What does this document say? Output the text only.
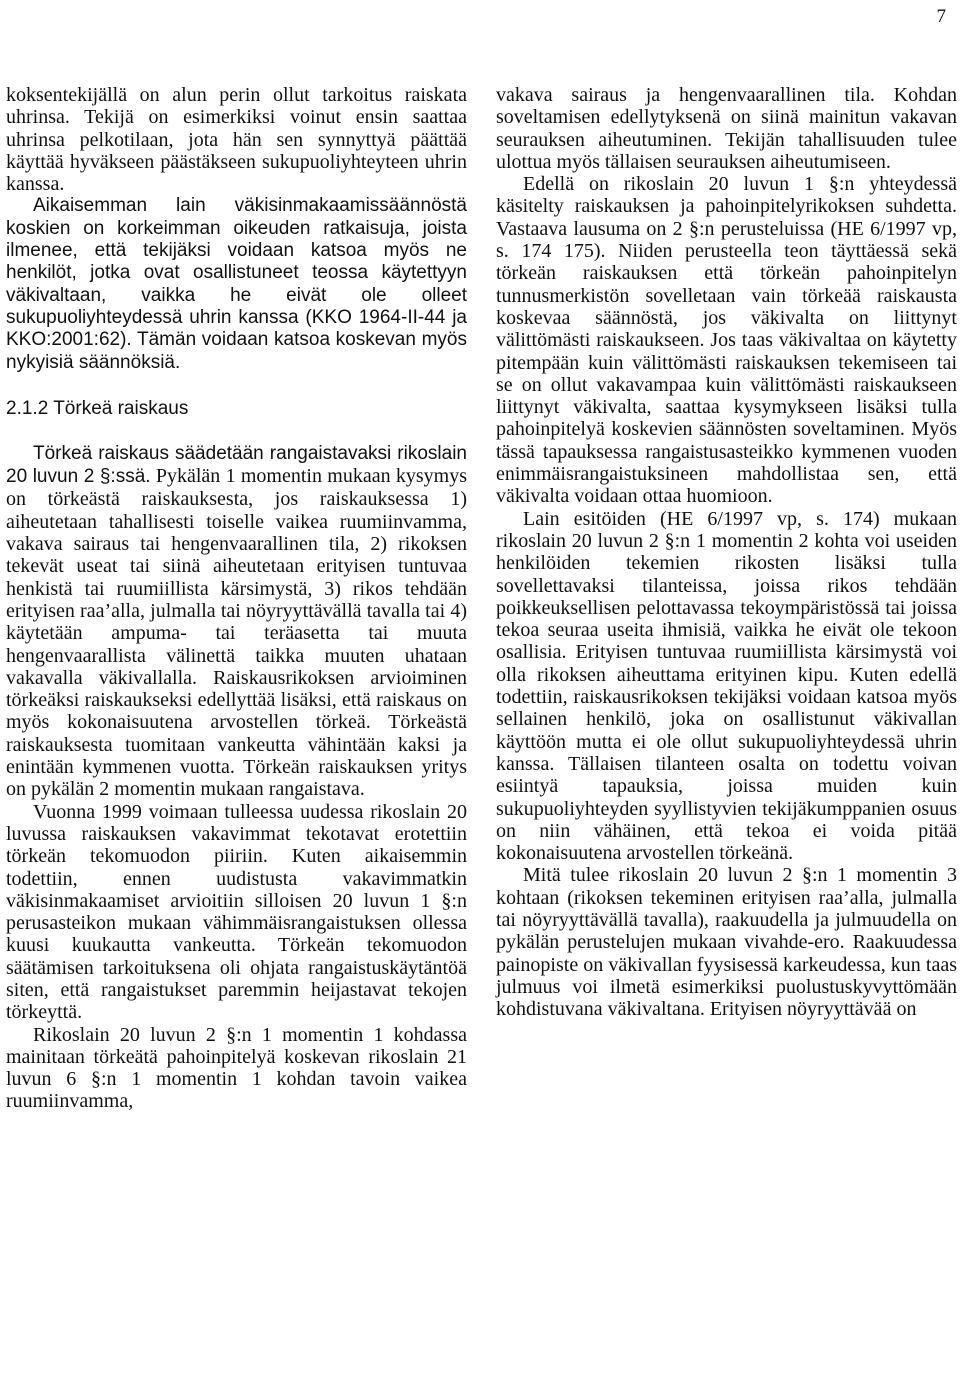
7

koksentekijällä on alun perin ollut tarkoitus raiskata uhrinsa. Tekijä on esimerkiksi voinut ensin saattaa uhrinsa pelkotilaan, jota hän sen synnyttyä päättää käyttää hyväkseen päästäkseen sukupuoliyhteyteen uhrin kanssa.

Aikaisemman lain väkisinmakaamissäännöstä koskien on korkeimman oikeuden ratkaisuja, joista ilmenee, että tekijäksi voidaan katsoa myös ne henkilöt, jotka ovat osallistuneet teossa käytettyyn väkivaltaan, vaikka he eivät ole olleet sukupuoliyhteydessä uhrin kanssa (KKO 1964-II-44 ja KKO:2001:62). Tämän voidaan katsoa koskevan myös nykyisiä säännöksiä.

2.1.2 Törkeä raiskaus

Törkeä raiskaus säädetään rangaistavaksi rikoslain 20 luvun 2 §:ssä. Pykälän 1 momentin mukaan kysymys on törkeästä raiskauksesta, jos raiskauksessa 1) aiheutetaan tahallisesti toiselle vaikea ruumiinvamma, vakava sairaus tai hengenvaarallinen tila, 2) rikoksen tekevät useat tai siinä aiheutetaan erityisen tuntuvaa henkistä tai ruumiillista kärsimystä, 3) rikos tehdään erityisen raa’alla, julmalla tai nöyryyttävällä tavalla tai 4) käytetään ampuma- tai teräasetta tai muuta hengenvaarallista välinettä taikka muuten uhataan vakavalla väkivallalla. Raiskausrikoksen arvioiminen törkeäksi raiskaukseksi edellyttää lisäksi, että raiskaus on myös kokonaisuutena arvostellen törkeä. Törkeästä raiskauksesta tuomitaan vankeutta vähintään kaksi ja enintään kymmenen vuotta. Törkeän raiskauksen yritys on pykälän 2 momentin mukaan rangaistava.

Vuonna 1999 voimaan tulleessa uudessa rikoslain 20 luvussa raiskauksen vakavimmat tekotavat erotettiin törkeän tekomuodon piiriin. Kuten aikaisemmin todettiin, ennen uudistusta vakavimmatkin väkisinmakaamiset arvioitiin silloisen 20 luvun 1 §:n perusasteikon mukaan vähimmäisrangaistuksen ollessa kuusi kuukautta vankeutta. Törkeän tekomuodon säätämisen tarkoituksena oli ohjata rangaistuskäytäntöä siten, että rangaistukset paremmin heijastavat tekojen törkeyttä.

Rikoslain 20 luvun 2 §:n 1 momentin 1 kohdassa mainitaan törkeätä pahoinpitelyä koskevan rikoslain 21 luvun 6 §:n 1 momentin 1 kohdan tavoin vaikea ruumiinvamma,

vakava sairaus ja hengenvaarallinen tila. Kohdan soveltamisen edellytyksenä on siinä mainitun vakavan seurauksen aiheutuminen. Tekijän tahallisuuden tulee ulottua myös tällaisen seurauksen aiheutumiseen.

Edellä on rikoslain 20 luvun 1 §:n yhteydessä käsitelty raiskauksen ja pahoinpitelyrikoksen suhdetta. Vastaava lausuma on 2 §:n perusteluissa (HE 6/1997 vp, s. 174 175). Niiden perusteella teon täyttäessä sekä törkeän raiskauksen että törkeän pahoinpitelyn tunnusmerkistön sovelletaan vain törkeää raiskausta koskevaa säännöstä, jos väkivalta on liittynyt välittömästi raiskaukseen. Jos taas väkivaltaa on käytetty pitempään kuin välittömästi raiskauksen tekemiseen tai se on ollut vakavampaa kuin välittömästi raiskaukseen liittynyt väkivalta, saattaa kysymykseen lisäksi tulla pahoinpitelyä koskevien säännösten soveltaminen. Myös tässä tapauksessa rangaistusasteikko kymmenen vuoden enimmäisrangaistuksineen mahdollistaa sen, että väkivalta voidaan ottaa huomioon.

Lain esitöiden (HE 6/1997 vp, s. 174) mukaan rikoslain 20 luvun 2 §:n 1 momentin 2 kohta voi useiden henkilöiden tekemien rikosten lisäksi tulla sovellettavaksi tilanteissa, joissa rikos tehdään poikkeuksellisen pelottavassa tekoympäristössä tai joissa tekoa seuraa useita ihmisiä, vaikka he eivät ole tekoon osallisia. Erityisen tuntuvaa ruumiillista kärsimystä voi olla rikoksen aiheuttama erityinen kipu. Kuten edellä todettiin, raiskausrikoksen tekijäksi voidaan katsoa myös sellainen henkilö, joka on osallistunut väkivallan käyttöön mutta ei ole ollut sukupuoliyhteydessä uhrin kanssa. Tällaisen tilanteen osalta on todettu voivan esiintyä tapauksia, joissa muiden kuin sukupuoliyhteyden syyllistyvien tekijäkumppanien osuus on niin vähäinen, että tekoa ei voida pitää kokonaisuutena arvostellen törkeänä.

Mitä tulee rikoslain 20 luvun 2 §:n 1 momentin 3 kohtaan (rikoksen tekeminen erityisen raa’alla, julmalla tai nöyryyttävällä tavalla), raakuudella ja julmuudella on pykälän perustelujen mukaan vivahde-ero. Raakuudessa painopiste on väkivallan fyysisessä karkeudessa, kun taas julmuus voi ilmetä esimerkiksi puolustuskyvyttömään kohdistuvana väkivaltana. Erityisen nöyryyttävää on
